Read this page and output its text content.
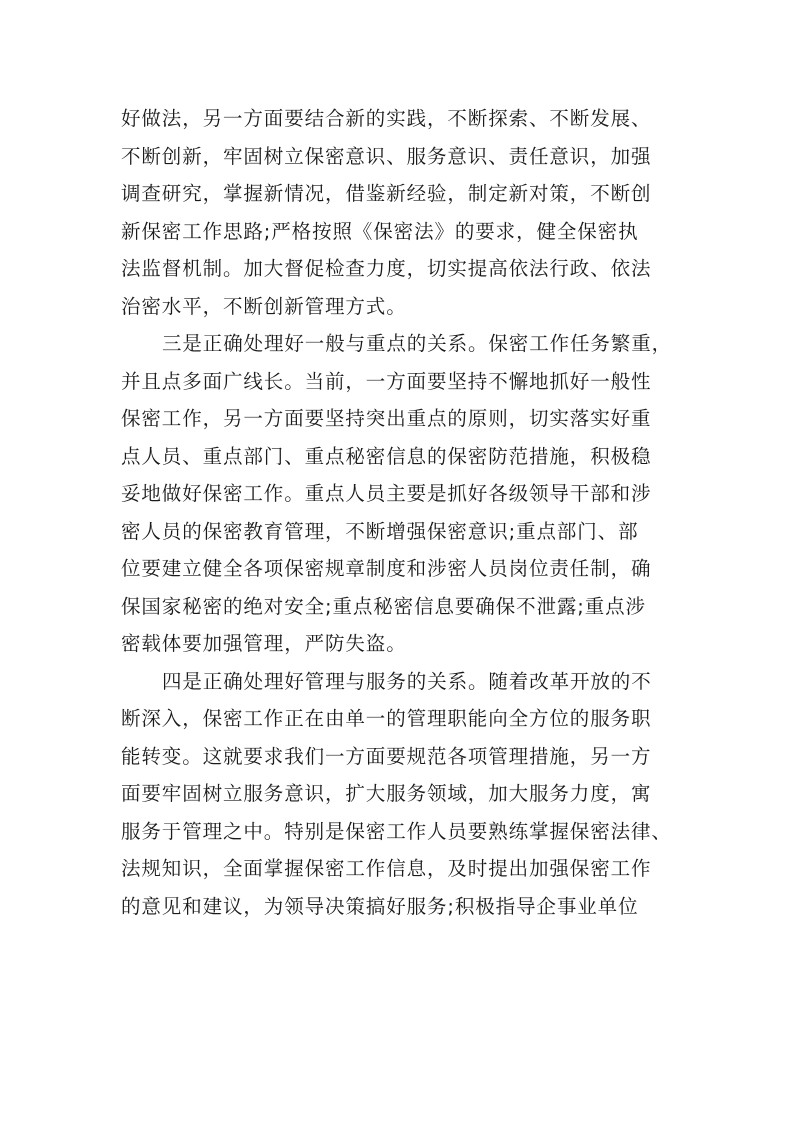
好做法，另一方面要结合新的实践，不断探索、不断发展、
不断创新，牢固树立保密意识、服务意识、责任意识，加强
调查研究，掌握新情况，借鉴新经验，制定新对策，不断创
新保密工作思路;严格按照《保密法》的要求，健全保密执
法监督机制。加大督促检查力度，切实提高依法行政、依法
治密水平，不断创新管理方式。
三是正确处理好一般与重点的关系。保密工作任务繁重，
并且点多面广线长。当前，一方面要坚持不懈地抓好一般性
保密工作，另一方面要坚持突出重点的原则，切实落实好重
点人员、重点部门、重点秘密信息的保密防范措施，积极稳
妥地做好保密工作。重点人员主要是抓好各级领导干部和涉
密人员的保密教育管理，不断增强保密意识;重点部门、部
位要建立健全各项保密规章制度和涉密人员岗位责任制，确
保国家秘密的绝对安全;重点秘密信息要确保不泄露;重点涉
密载体要加强管理，严防失盗。
四是正确处理好管理与服务的关系。随着改革开放的不
断深入，保密工作正在由单一的管理职能向全方位的服务职
能转变。这就要求我们一方面要规范各项管理措施，另一方
面要牢固树立服务意识，扩大服务领域，加大服务力度，寓
服务于管理之中。特别是保密工作人员要熟练掌握保密法律、
法规知识，全面掌握保密工作信息，及时提出加强保密工作
的意见和建议，为领导决策搞好服务;积极指导企事业单位
